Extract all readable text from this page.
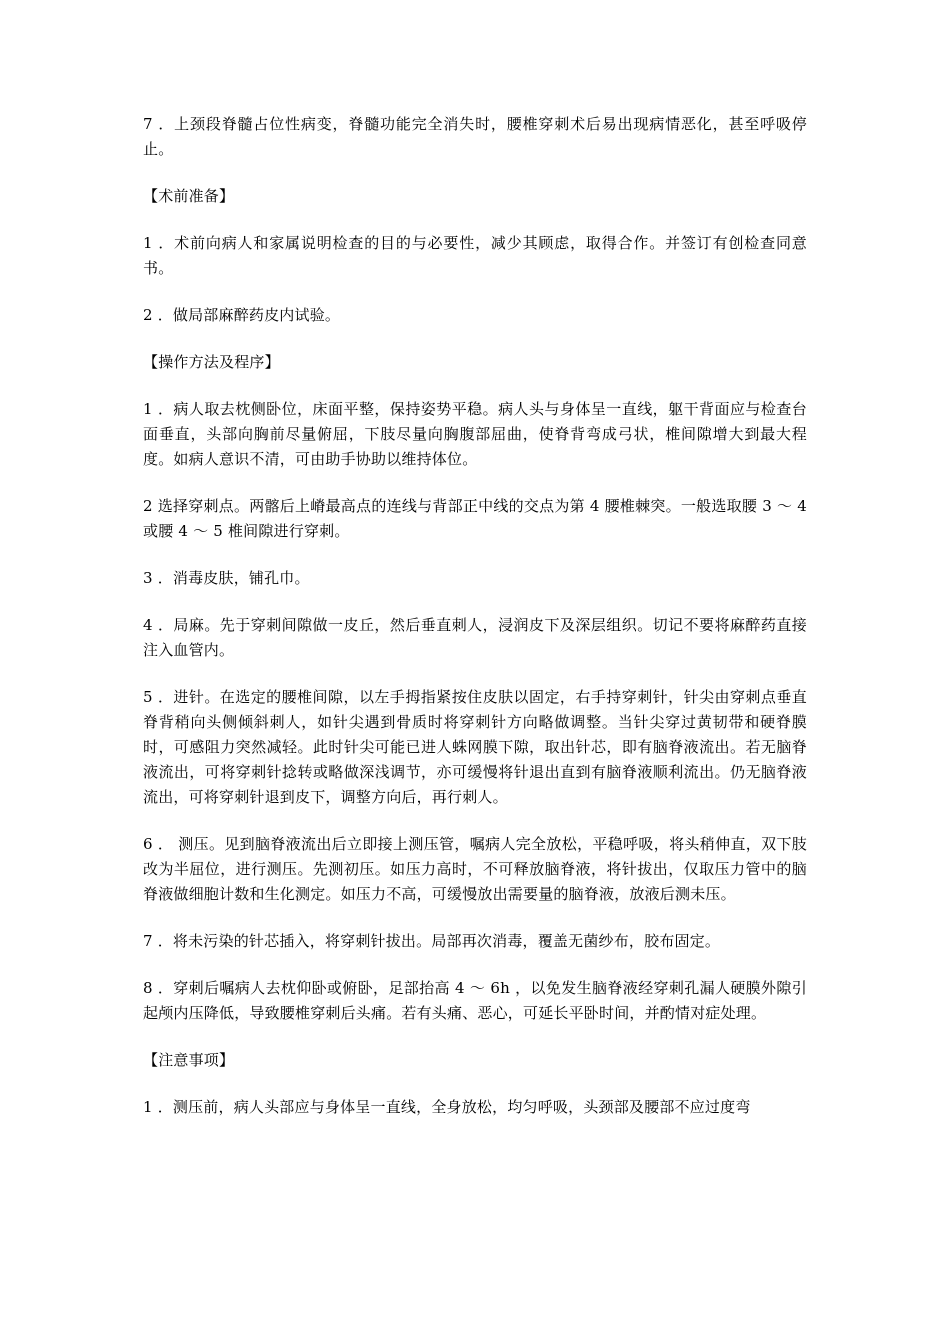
7 ．上颈段脊髓占位性病变，脊髓功能完全消失时，腰椎穿刺术后易出现病情恶化，甚至呼吸停止。

【术前准备】

1 ．术前向病人和家属说明检查的目的与必要性，减少其顾虑，取得合作。并签订有创检查同意书。

2 ．做局部麻醉药皮内试验。

【操作方法及程序】

1 ．病人取去枕侧卧位，床面平整，保持姿势平稳。病人头与身体呈一直线，躯干背面应与检查台面垂直，头部向胸前尽量俯屈，下肢尽量向胸腹部屈曲，使脊背弯成弓状，椎间隙增大到最大程度。如病人意识不清，可由助手协助以维持体位。

2 选择穿刺点。两髂后上嵴最高点的连线与背部正中线的交点为第 4 腰椎棘突。一般选取腰 3 ～ 4 或腰 4 ～ 5 椎间隙进行穿刺。

3 ．消毒皮肤，铺孔巾。

4 ．局麻。先于穿刺间隙做一皮丘，然后垂直刺人，浸润皮下及深层组织。切记不要将麻醉药直接注入血管内。

5 ．进针。在选定的腰椎间隙，以左手拇指紧按住皮肤以固定，右手持穿刺针，针尖由穿刺点垂直脊背稍向头侧倾斜刺人，如针尖遇到骨质时将穿刺针方向略做调整。当针尖穿过黄韧带和硬脊膜时，可感阻力突然减轻。此时针尖可能已进人蛛网膜下隙，取出针芯，即有脑脊液流出。若无脑脊液流出，可将穿刺针捻转或略做深浅调节，亦可缓慢将针退出直到有脑脊液顺利流出。仍无脑脊液流出，可将穿刺针退到皮下，调整方向后，再行刺人。

6 ． 测压。见到脑脊液流出后立即接上测压管，嘱病人完全放松，平稳呼吸，将头稍伸直，双下肢改为半屈位，进行测压。先测初压。如压力高时，不可释放脑脊液，将针拔出，仅取压力管中的脑脊液做细胞计数和生化测定。如压力不高，可缓慢放出需要量的脑脊液，放液后测未压。

7 ．将未污染的针芯插入，将穿刺针拔出。局部再次消毒，覆盖无菌纱布，胶布固定。

8 ．穿刺后嘱病人去枕仰卧或俯卧，足部抬高 4 ～ 6h ，以免发生脑脊液经穿刺孔漏人硬膜外隙引起颅内压降低，导致腰椎穿刺后头痛。若有头痛、恶心，可延长平卧时间，并酌情对症处理。

【注意事项】

1 ．测压前，病人头部应与身体呈一直线，全身放松，均匀呼吸，头颈部及腰部不应过度弯
